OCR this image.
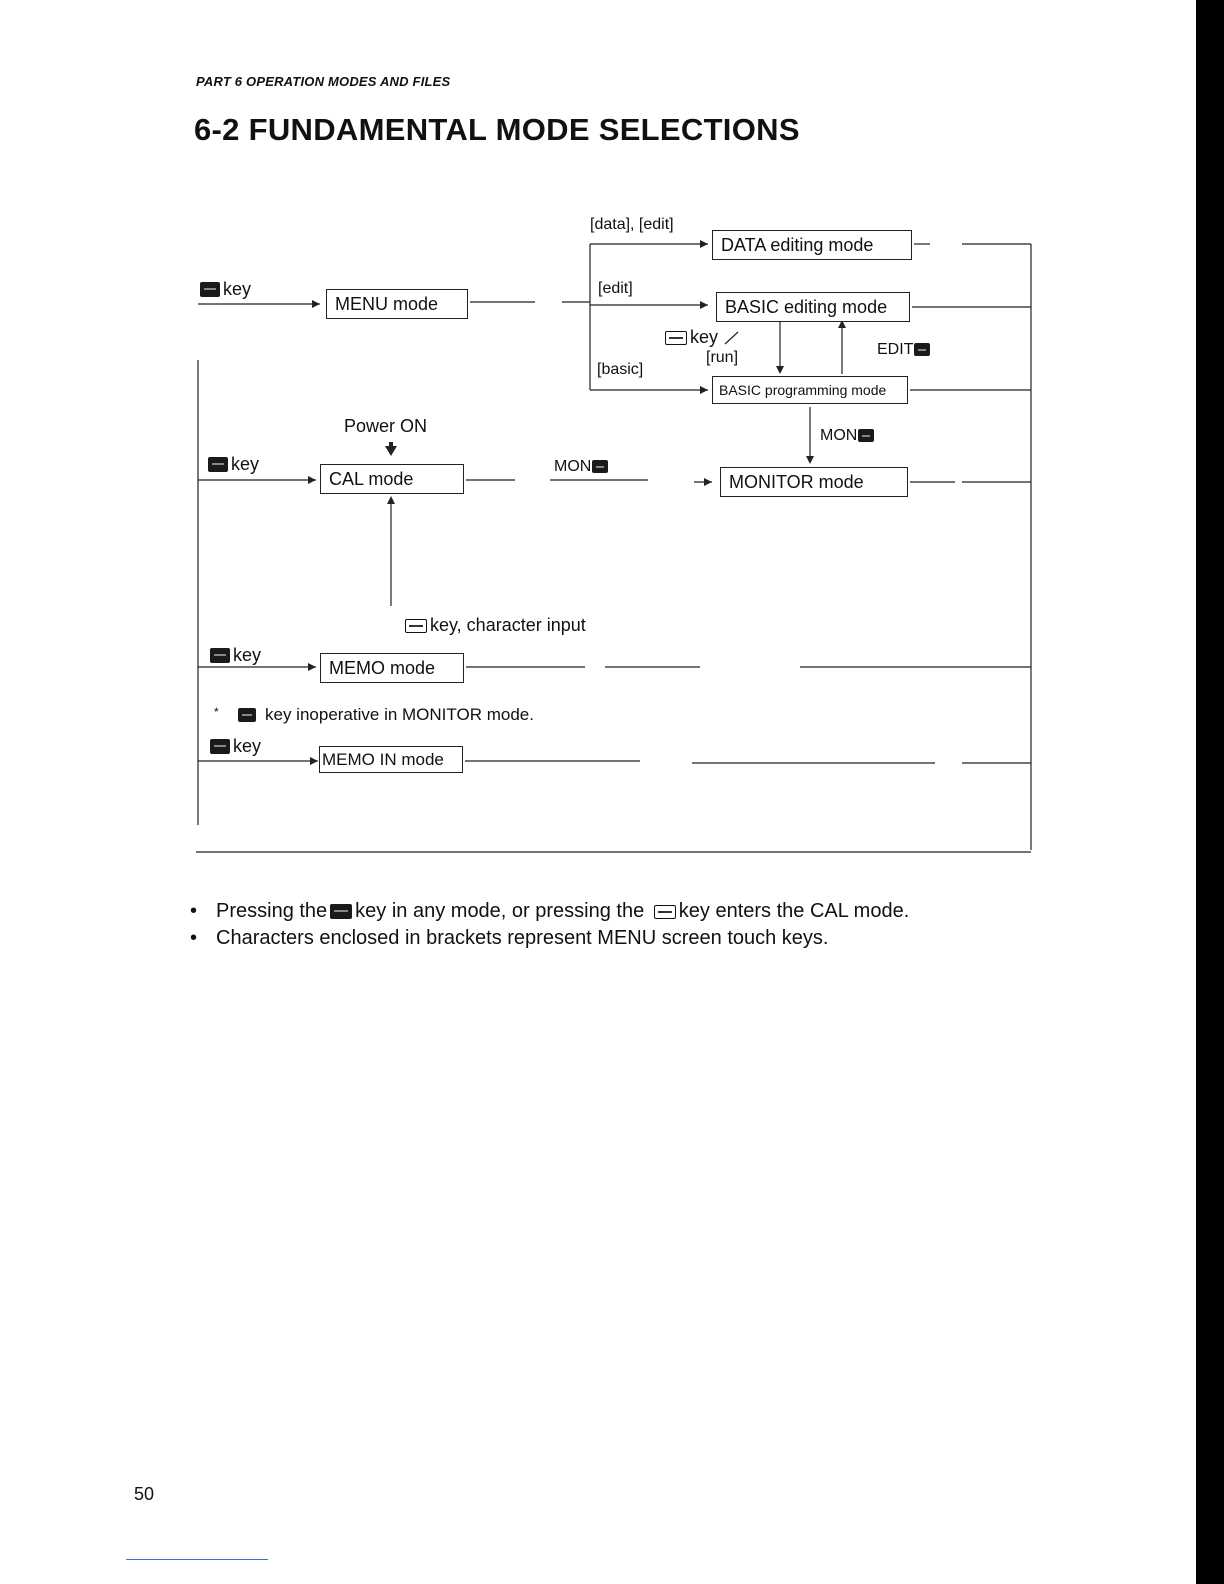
PART 6 OPERATION MODES AND FILES
6-2 FUNDAMENTAL MODE SELECTIONS
DATA editing mode
BASIC editing mode
BASIC programming mode
MENU mode
CAL mode	MONITOR mode
MEMO mode
MEMO IN mode
[data], [edit]
[edit]
[basic]
[run]
key
EDIT
MON
MON
Power ON
key
key
key
key
key, character input
*	key inoperative in MONITOR mode.
• Pressing the key in any mode, or pressing the key enters the CAL mode.
• Characters enclosed in brackets represent MENU screen touch keys.
50
